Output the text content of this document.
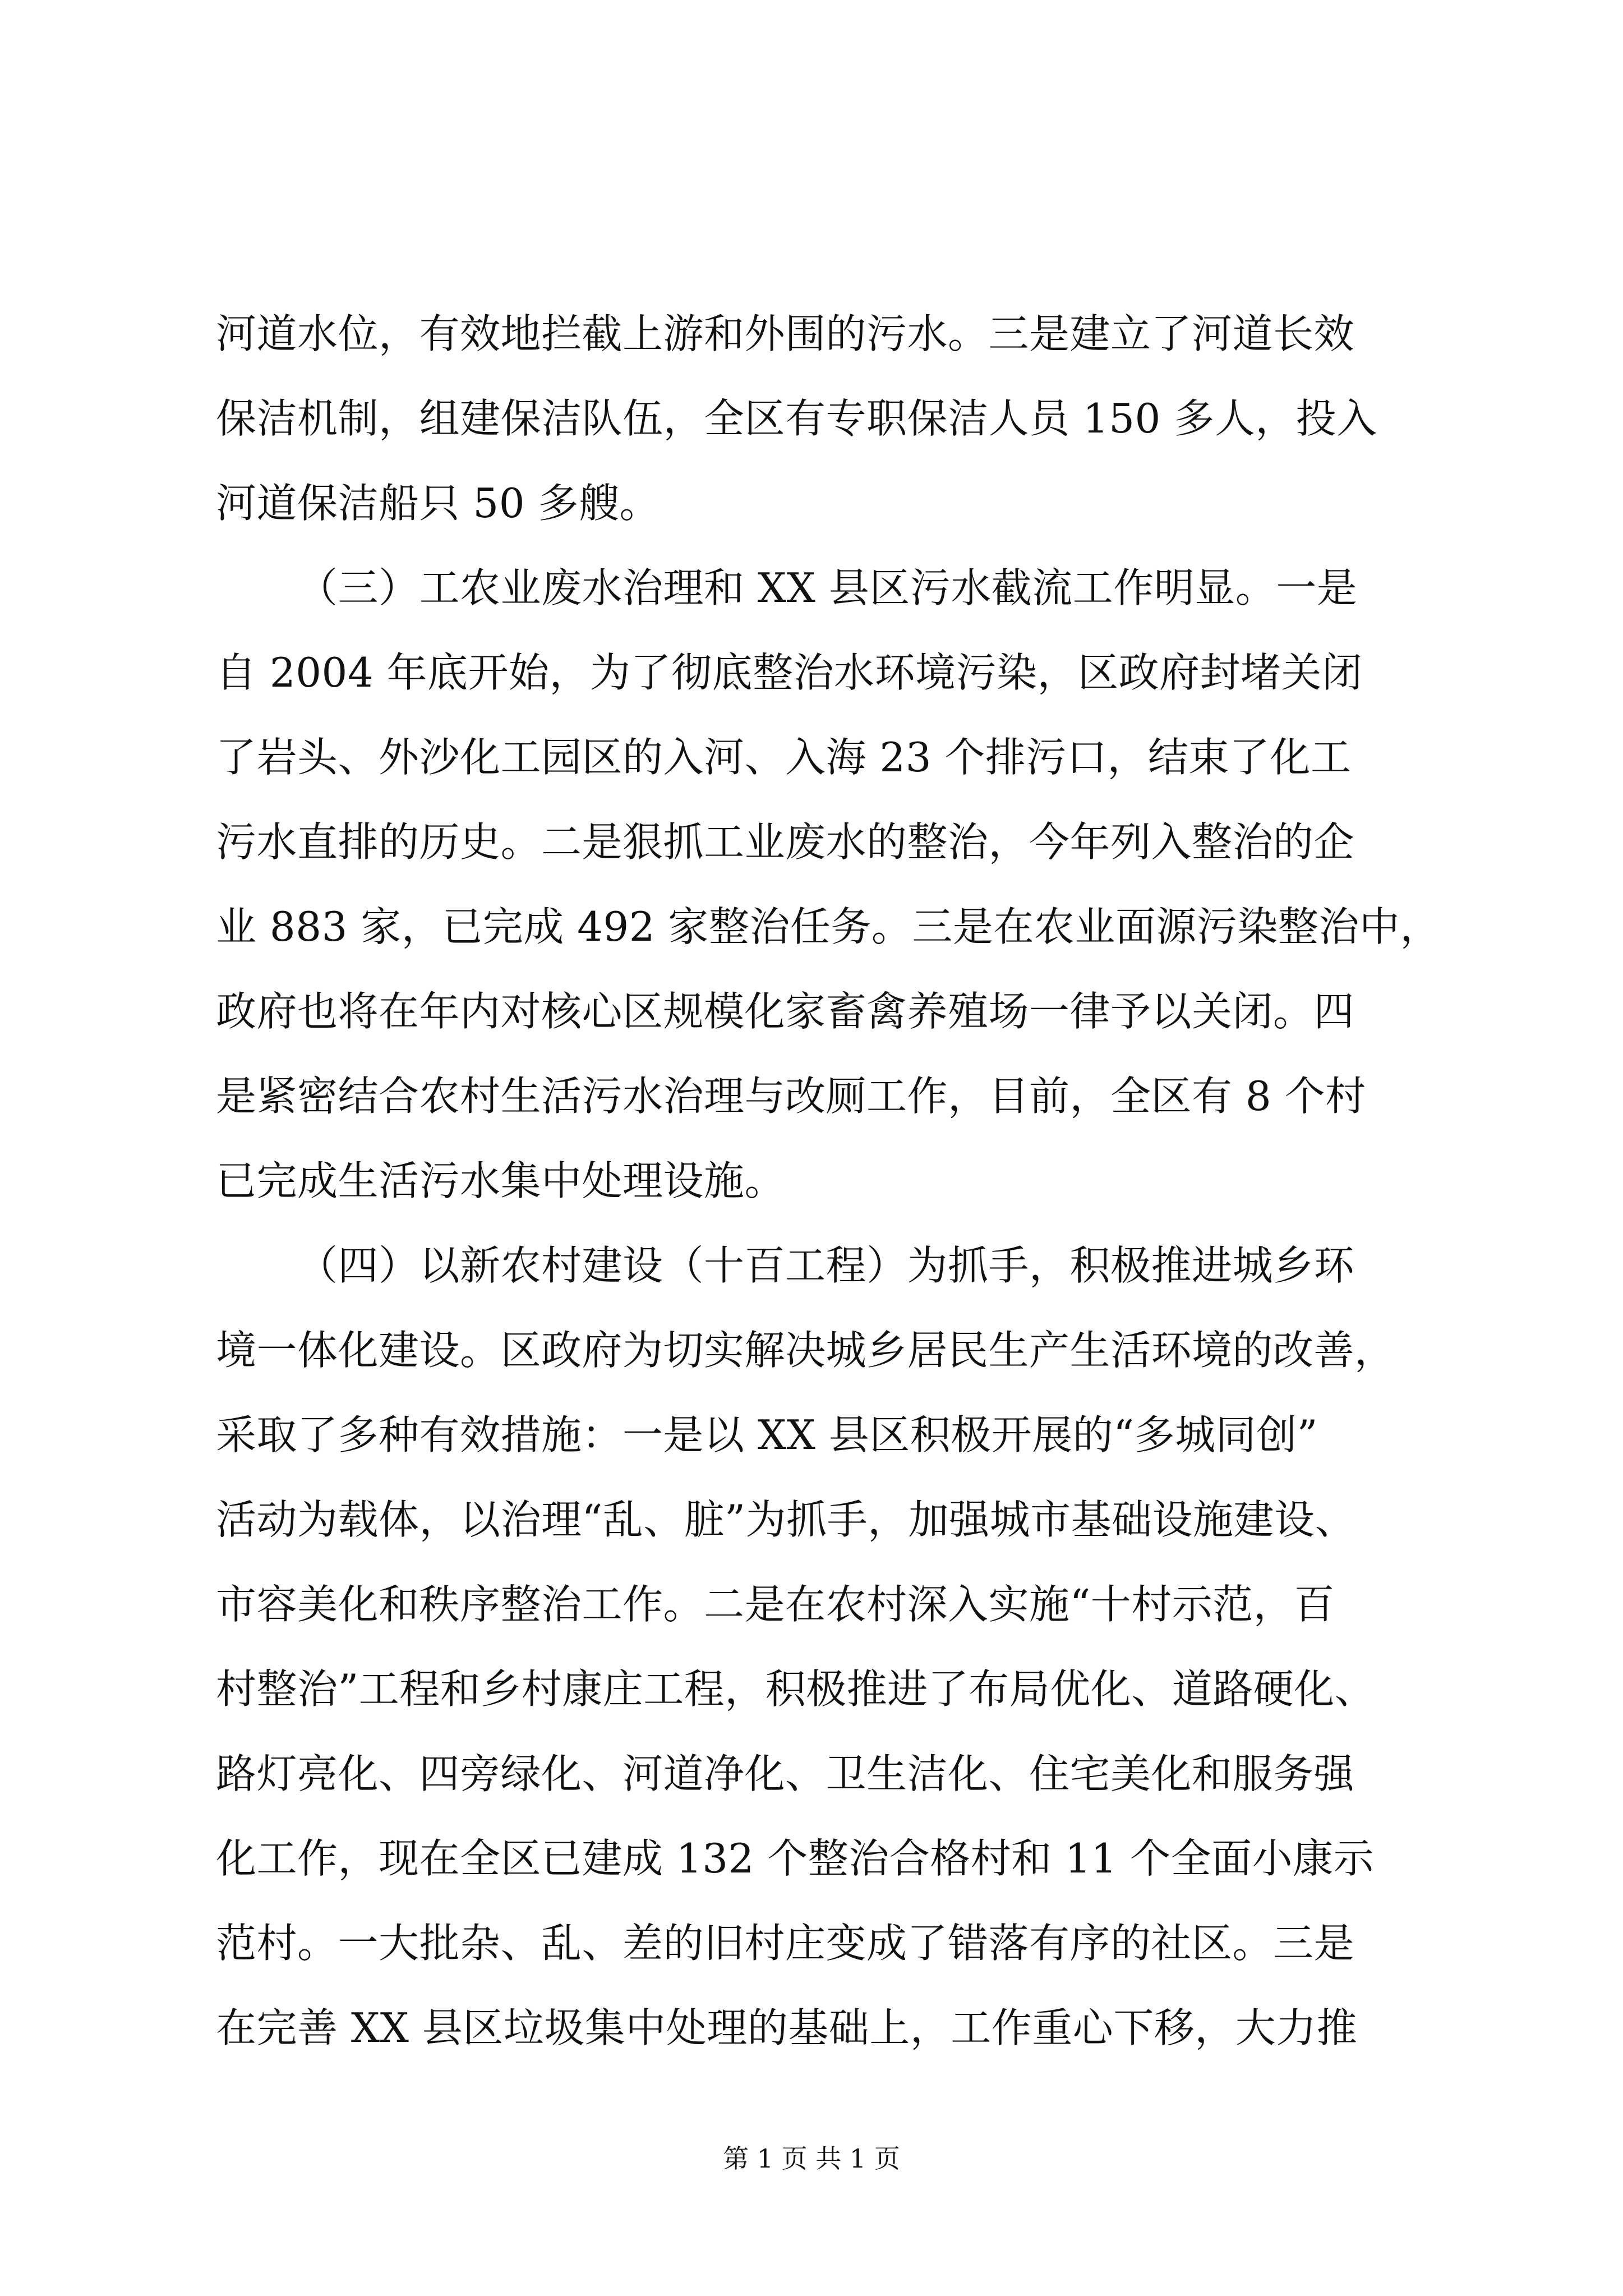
河道水位，有效地拦截上游和外围的污水。三是建立了河道长效
保洁机制，组建保洁队伍，全区有专职保洁人员 150 多人，投入
河道保洁船只 50 多艘。
（三）工农业废水治理和 XX 县区污水截流工作明显。一是
自 2004 年底开始，为了彻底整治水环境污染，区政府封堵关闭
了岩头、外沙化工园区的入河、入海 23 个排污口，结束了化工
污水直排的历史。二是狠抓工业废水的整治，今年列入整治的企
业 883 家，已完成 492 家整治任务。三是在农业面源污染整治中，
政府也将在年内对核心区规模化家畜禽养殖场一律予以关闭。四
是紧密结合农村生活污水治理与改厕工作，目前，全区有 8 个村
已完成生活污水集中处理设施。
（四）以新农村建设（十百工程）为抓手，积极推进城乡环
境一体化建设。区政府为切实解决城乡居民生产生活环境的改善，
采取了多种有效措施：一是以 XX 县区积极开展的“多城同创”
活动为载体，以治理“乱、脏”为抓手，加强城市基础设施建设、
市容美化和秩序整治工作。二是在农村深入实施“十村示范，百
村整治”工程和乡村康庄工程，积极推进了布局优化、道路硬化、
路灯亮化、四旁绿化、河道净化、卫生洁化、住宅美化和服务强
化工作，现在全区已建成 132 个整治合格村和 11 个全面小康示
范村。一大批杂、乱、差的旧村庄变成了错落有序的社区。三是
在完善 XX 县区垃圾集中处理的基础上，工作重心下移，大力推
第 1 页 共 1 页
